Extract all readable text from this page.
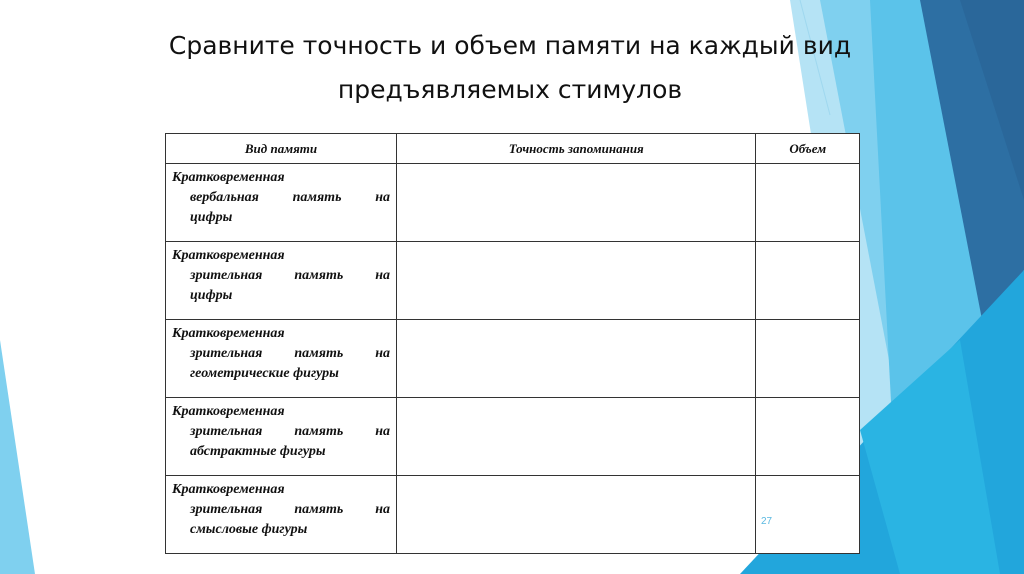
Сравните точность и объем памяти на каждый вид
предъявляемых стимулов
Вид памяти	Точность запоминания	Объем

Кратковременная
вербальная память на
цифры		

Кратковременная
зрительная память на
цифры		

Кратковременная
зрительная память на
геометрические фигуры		

Кратковременная
зрительная память на
абстрактные фигуры		

Кратковременная
зрительная память на
смысловые фигуры		

27
